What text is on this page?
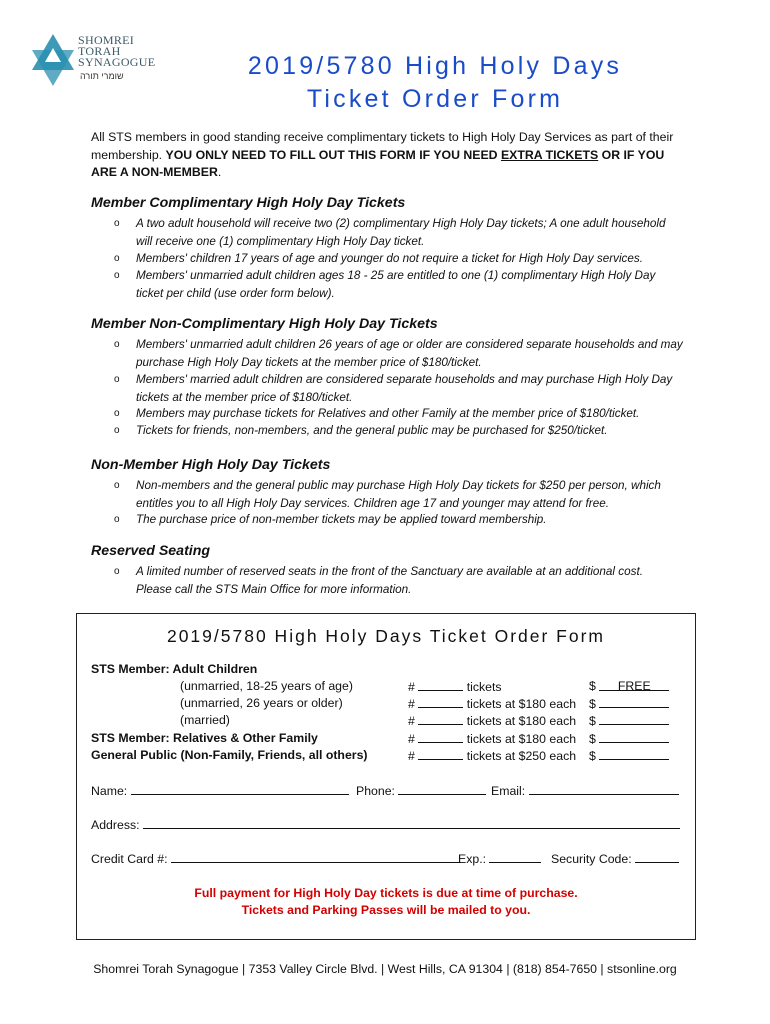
SHOMREI
TORAH
SYNAGOGUE
שומרי תורה	2019/5780 High Holy Days
Ticket Order Form
All STS members in good standing receive complimentary tickets to High Holy Day Services as part of their membership. YOU ONLY NEED TO FILL OUT THIS FORM IF YOU NEED EXTRA TICKETS OR IF YOU ARE A NON-MEMBER.
Member Complimentary High Holy Day Tickets
o A two adult household will receive two (2) complimentary High Holy Day tickets; A one adult household will receive one (1) complimentary High Holy Day ticket.
o Members' children 17 years of age and younger do not require a ticket for High Holy Day services.
o Members' unmarried adult children ages 18 - 25 are entitled to one (1) complimentary High Holy Day ticket per child (use order form below).
Member Non-Complimentary High Holy Day Tickets
o Members' unmarried adult children 26 years of age or older are considered separate households and may purchase High Holy Day tickets at the member price of $180/ticket.
o Members' married adult children are considered separate households and may purchase High Holy Day tickets at the member price of $180/ticket.
o Members may purchase tickets for Relatives and other Family at the member price of $180/ticket.
o Tickets for friends, non-members, and the general public may be purchased for $250/ticket.
Non-Member High Holy Day Tickets
o Non-members and the general public may purchase High Holy Day tickets for $250 per person, which entitles you to all High Holy Day services. Children age 17 and younger may attend for free.
o The purchase price of non-member tickets may be applied toward membership.
Reserved Seating
o A limited number of reserved seats in the front of the Sanctuary are available at an additional cost. Please call the STS Main Office for more information.
2019/5780 High Holy Days Ticket Order Form
STS Member: Adult Children
(unmarried, 18-25 years of age)	#	tickets	$ FREE
(unmarried, 26 years or older)	#	tickets at $180 each $
(married)	#	tickets at $180 each $
STS Member: Relatives & Other Family	#	tickets at $180 each $
General Public (Non-Family, Friends, all others)	#	tickets at $250 each $
Name:	Phone:	Email:
Address:
Credit Card #:	Exp.:	Security Code:
Full payment for High Holy Day tickets is due at time of purchase.
Tickets and Parking Passes will be mailed to you.
Shomrei Torah Synagogue | 7353 Valley Circle Blvd. | West Hills, CA 91304 | (818) 854-7650 | stsonline.org
